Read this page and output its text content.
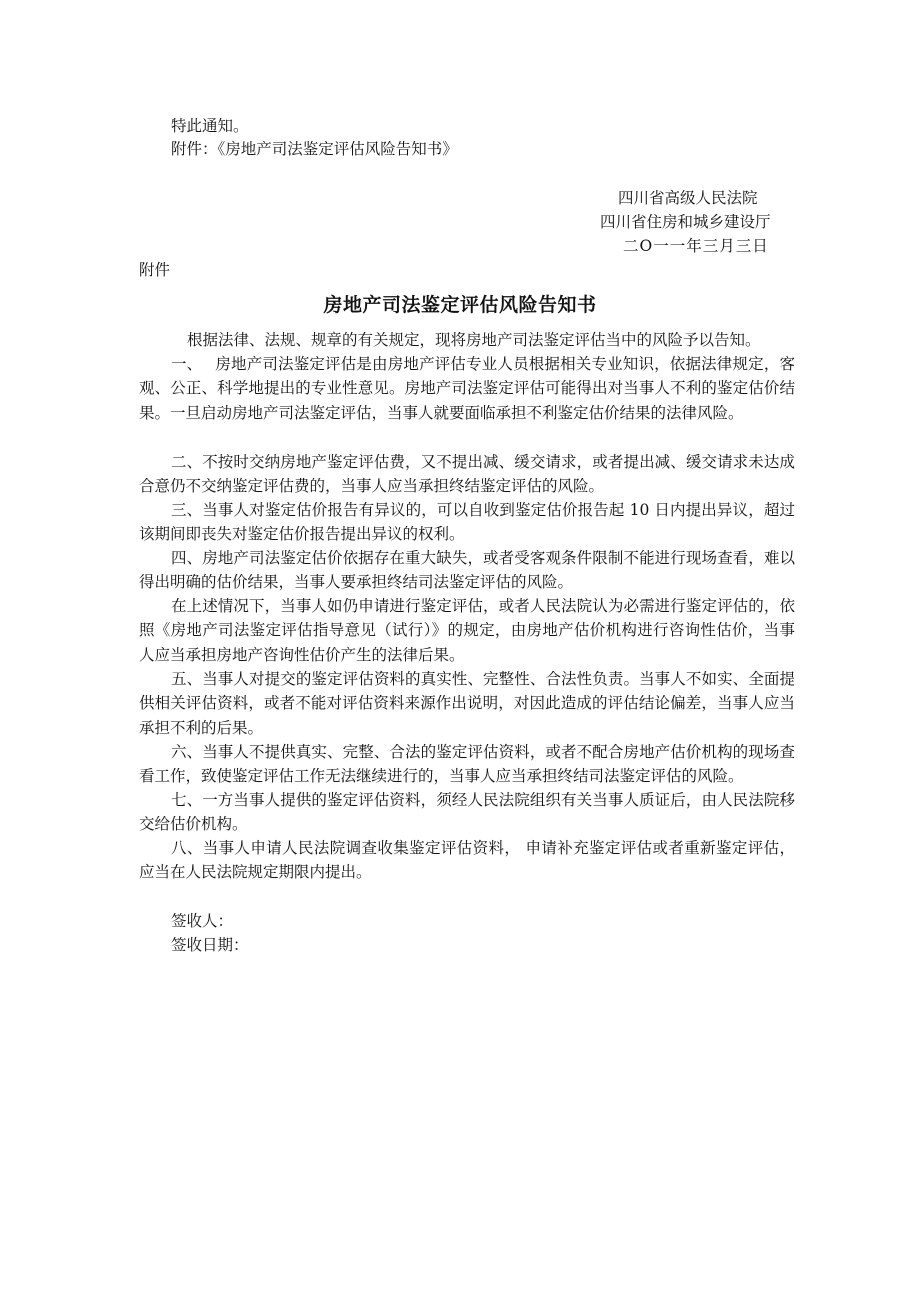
特此通知。
附件：《房地产司法鉴定评估风险告知书》
四川省高级人民法院
四川省住房和城乡建设厅
二O一一年三月三日
附件
房地产司法鉴定评估风险告知书
根据法律、法规、规章的有关规定，现将房地产司法鉴定评估当中的风险予以告知。
一、　 房地产司法鉴定评估是由房地产评估专业人员根据相关专业知识，依据法律规定，客观、公正、科学地提出的专业性意见。房地产司法鉴定评估可能得出对当事人不利的鉴定估价结果。一旦启动房地产司法鉴定评估，当事人就要面临承担不利鉴定估价结果的法律风险。
二、不按时交纳房地产鉴定评估费，又不提出减、缓交请求，或者提出减、缓交请求未达成合意仍不交纳鉴定评估费的，当事人应当承担终结鉴定评估的风险。
三、当事人对鉴定估价报告有异议的，可以自收到鉴定估价报告起 10 日内提出异议，超过该期间即丧失对鉴定估价报告提出异议的权利。
四、房地产司法鉴定估价依据存在重大缺失，或者受客观条件限制不能进行现场查看，难以得出明确的估价结果，当事人要承担终结司法鉴定评估的风险。
在上述情况下，当事人如仍申请进行鉴定评估，或者人民法院认为必需进行鉴定评估的，依照《房地产司法鉴定评估指导意见（试行）》的规定，由房地产估价机构进行咨询性估价，当事人应当承担房地产咨询性估价产生的法律后果。
五、当事人对提交的鉴定评估资料的真实性、完整性、合法性负责。当事人不如实、全面提供相关评估资料，或者不能对评估资料来源作出说明，对因此造成的评估结论偏差，当事人应当承担不利的后果。
六、当事人不提供真实、完整、合法的鉴定评估资料，或者不配合房地产估价机构的现场查看工作，致使鉴定评估工作无法继续进行的，当事人应当承担终结司法鉴定评估的风险。
七、一方当事人提供的鉴定评估资料，须经人民法院组织有关当事人质证后，由人民法院移交给估价机构。
八、当事人申请人民法院调查收集鉴定评估资料， 申请补充鉴定评估或者重新鉴定评估，应当在人民法院规定期限内提出。
签收人：
签收日期：
